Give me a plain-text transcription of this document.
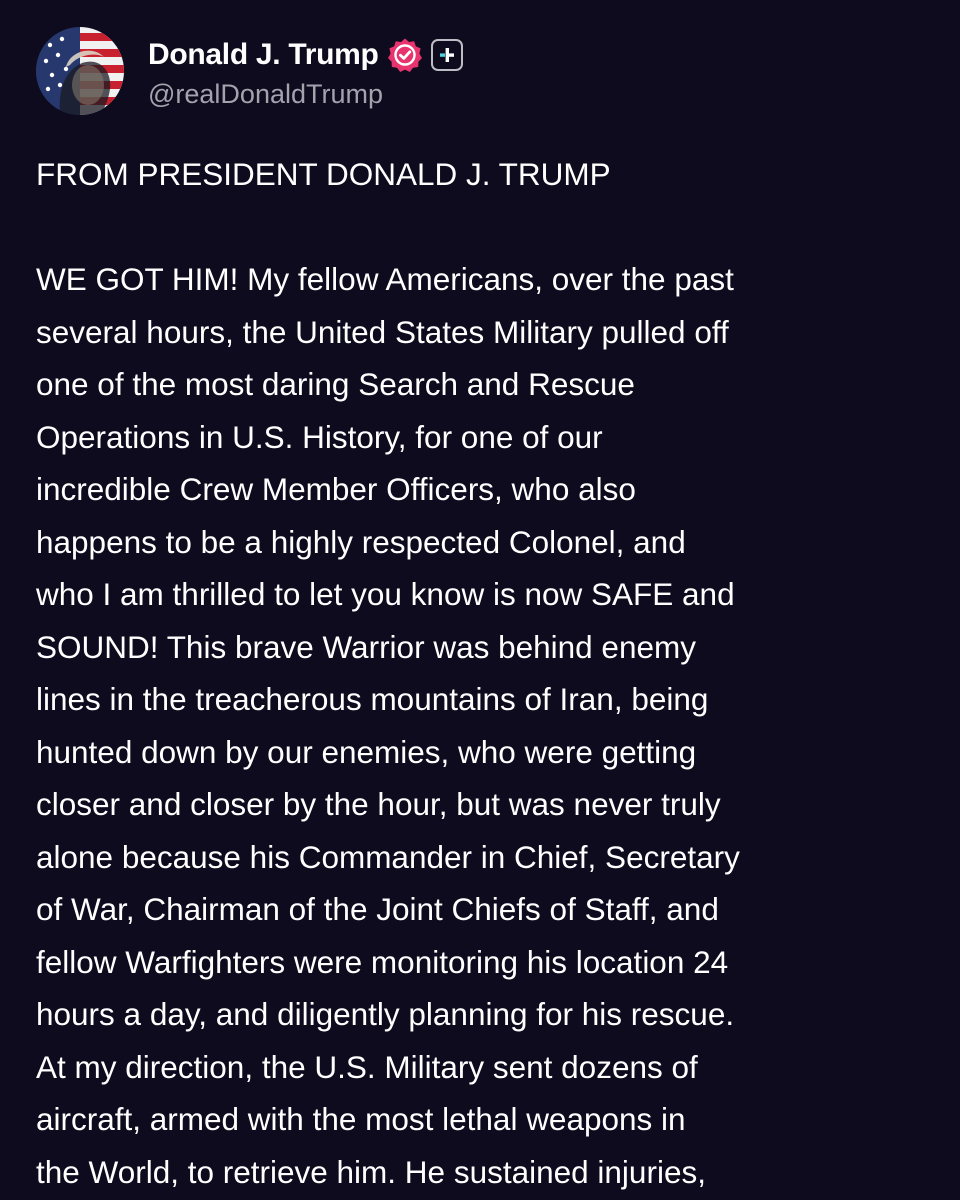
Donald J. Trump
@realDonaldTrump

FROM PRESIDENT DONALD J. TRUMP

WE GOT HIM! My fellow Americans, over the past

several hours, the United States Military pulled off

one of the most daring Search and Rescue

Operations in U.S. History, for one of our

incredible Crew Member Officers, who also

happens to be a highly respected Colonel, and

who I am thrilled to let you know is now SAFE and

SOUND! This brave Warrior was behind enemy

lines in the treacherous mountains of Iran, being

hunted down by our enemies, who were getting

closer and closer by the hour, but was never truly

alone because his Commander in Chief, Secretary

of War, Chairman of the Joint Chiefs of Staff, and

fellow Warfighters were monitoring his location 24

hours a day, and diligently planning for his rescue.

At my direction, the U.S. Military sent dozens of

aircraft, armed with the most lethal weapons in

the World, to retrieve him. He sustained injuries,
